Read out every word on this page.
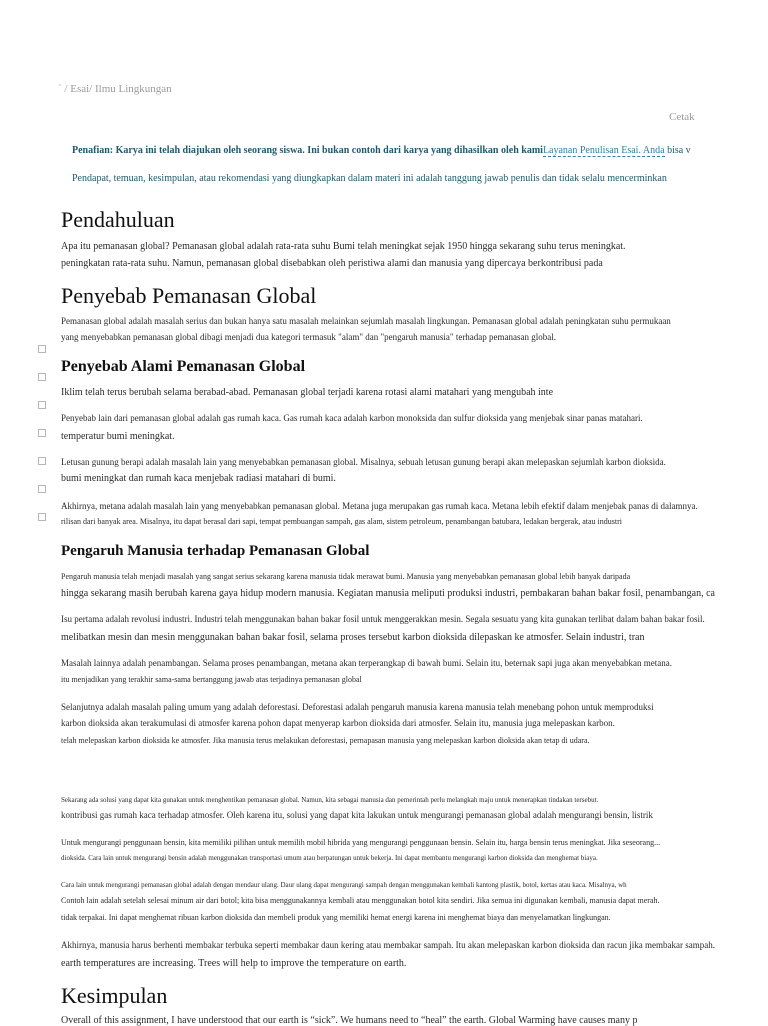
` / Esai/ Ilmu Lingkungan
Cetak
Penafian: Karya ini telah diajukan oleh seorang siswa. Ini bukan contoh dari karya yang dihasilkan oleh kamiLayanan Penulisan Esai. Anda bisa v
Pendapat, temuan, kesimpulan, atau rekomendasi yang diungkapkan dalam materi ini adalah tanggung jawab penulis dan tidak selalu mencerminkan
Pendahuluan
Apa itu pemanasan global? Pemanasan global adalah rata-rata suhu Bumi telah meningkat sejak 1950 hingga sekarang suhu terus meningkat.
peningkatan rata-rata suhu. Namun, pemanasan global disebabkan oleh peristiwa alami dan manusia yang dipercaya berkontribusi pada
Penyebab Pemanasan Global
Pemanasan global adalah masalah serius dan bukan hanya satu masalah melainkan sejumlah masalah lingkungan. Pemanasan global adalah peningkatan suhu permukaan
yang menyebabkan pemanasan global dibagi menjadi dua kategori termasuk "alam" dan "pengaruh manusia" terhadap pemanasan global.
Penyebab Alami Pemanasan Global
Iklim telah terus berubah selama berabad-abad. Pemanasan global terjadi karena rotasi alami matahari yang mengubah inte
Penyebab lain dari pemanasan global adalah gas rumah kaca. Gas rumah kaca adalah karbon monoksida dan sulfur dioksida yang menjebak sinar panas matahari.
temperatur bumi meningkat.
Letusan gunung berapi adalah masalah lain yang menyebabkan pemanasan global. Misalnya, sebuah letusan gunung berapi akan melepaskan sejumlah karbon dioksida.
bumi meningkat dan rumah kaca menjebak radiasi matahari di bumi.
Akhirnya, metana adalah masalah lain yang menyebabkan pemanasan global. Metana juga merupakan gas rumah kaca. Metana lebih efektif dalam menjebak panas di dalamnya.
rilisan dari banyak area. Misalnya, itu dapat berasal dari sapi, tempat pembuangan sampah, gas alam, sistem petroleum, penambangan batubara, ledakan bergerak, atau industri
Pengaruh Manusia terhadap Pemanasan Global
Pengaruh manusia telah menjadi masalah yang sangat serius sekarang karena manusia tidak merawat bumi. Manusia yang menyebabkan pemanasan global lebih banyak daripada
hingga sekarang masih berubah karena gaya hidup modern manusia. Kegiatan manusia meliputi produksi industri, pembakaran bahan bakar fosil, penambangan, ca
Isu pertama adalah revolusi industri. Industri telah menggunakan bahan bakar fosil untuk menggerakkan mesin. Segala sesuatu yang kita gunakan terlibat dalam bahan bakar fosil.
melibatkan mesin dan mesin menggunakan bahan bakar fosil, selama proses tersebut karbon dioksida dilepaskan ke atmosfer. Selain industri, tran
Masalah lainnya adalah penambangan. Selama proses penambangan, metana akan terperangkap di bawah bumi. Selain itu, beternak sapi juga akan menyebabkan metana.
itu menjadikan yang terakhir sama-sama bertanggung jawab atas terjadinya pemanasan global
Selanjutnya adalah masalah paling umum yang adalah deforestasi. Deforestasi adalah pengaruh manusia karena manusia telah menebang pohon untuk memproduksi
karbon dioksida akan terakumulasi di atmosfer karena pohon dapat menyerap karbon dioksida dari atmosfer. Selain itu, manusia juga melepaskan karbon.
telah melepaskan karbon dioksida ke atmosfer. Jika manusia terus melakukan deforestasi, pernapasan manusia yang melepaskan karbon dioksida akan tetap di udara.
Sekarang ada solusi yang dapat kita gunakan untuk menghentikan pemanasan global. Namun, kita sebagai manusia dan pemerintah perlu melangkah maju untuk menerapkan tindakan tersebut.
kontribusi gas rumah kaca terhadap atmosfer. Oleh karena itu, solusi yang dapat kita lakukan untuk mengurangi pemanasan global adalah mengurangi bensin, listrik
Untuk mengurangi penggunaan bensin, kita memiliki pilihan untuk memilih mobil hibrida yang mengurangi penggunaan bensin. Selain itu, harga bensin terus meningkat. Jika seseorang...
dioksida. Cara lain untuk mengurangi bensin adalah menggunakan transportasi umum atau berpatungan untuk bekerja. Ini dapat membantu mengurangi karbon dioksida dan menghemat biaya.
Cara lain untuk mengurangi pemanasan global adalah dengan mendaur ulang. Daur ulang dapat mengurangi sampah dengan menggunakan kembali kantong plastik, botol, kertas atau kaca. Misalnya, wh
Contoh lain adalah setelah selesai minum air dari botol; kita bisa menggunakannya kembali atau menggunakan botol kita sendiri. Jika semua ini digunakan kembali, manusia dapat merah.
tidak terpakai. Ini dapat menghemat ribuan karbon dioksida dan membeli produk yang memiliki hemat energi karena ini menghemat biaya dan menyelamatkan lingkungan.
Akhirnya, manusia harus berhenti membakar terbuka seperti membakar daun kering atau membakar sampah. Itu akan melepaskan karbon dioksida dan racun jika membakar sampah.
earth temperatures are increasing. Trees will help to improve the temperature on earth.
Kesimpulan
Overall of this assignment, I have understood that our earth is “sick”. We humans need to “heal” the earth. Global Warming have causes many p
